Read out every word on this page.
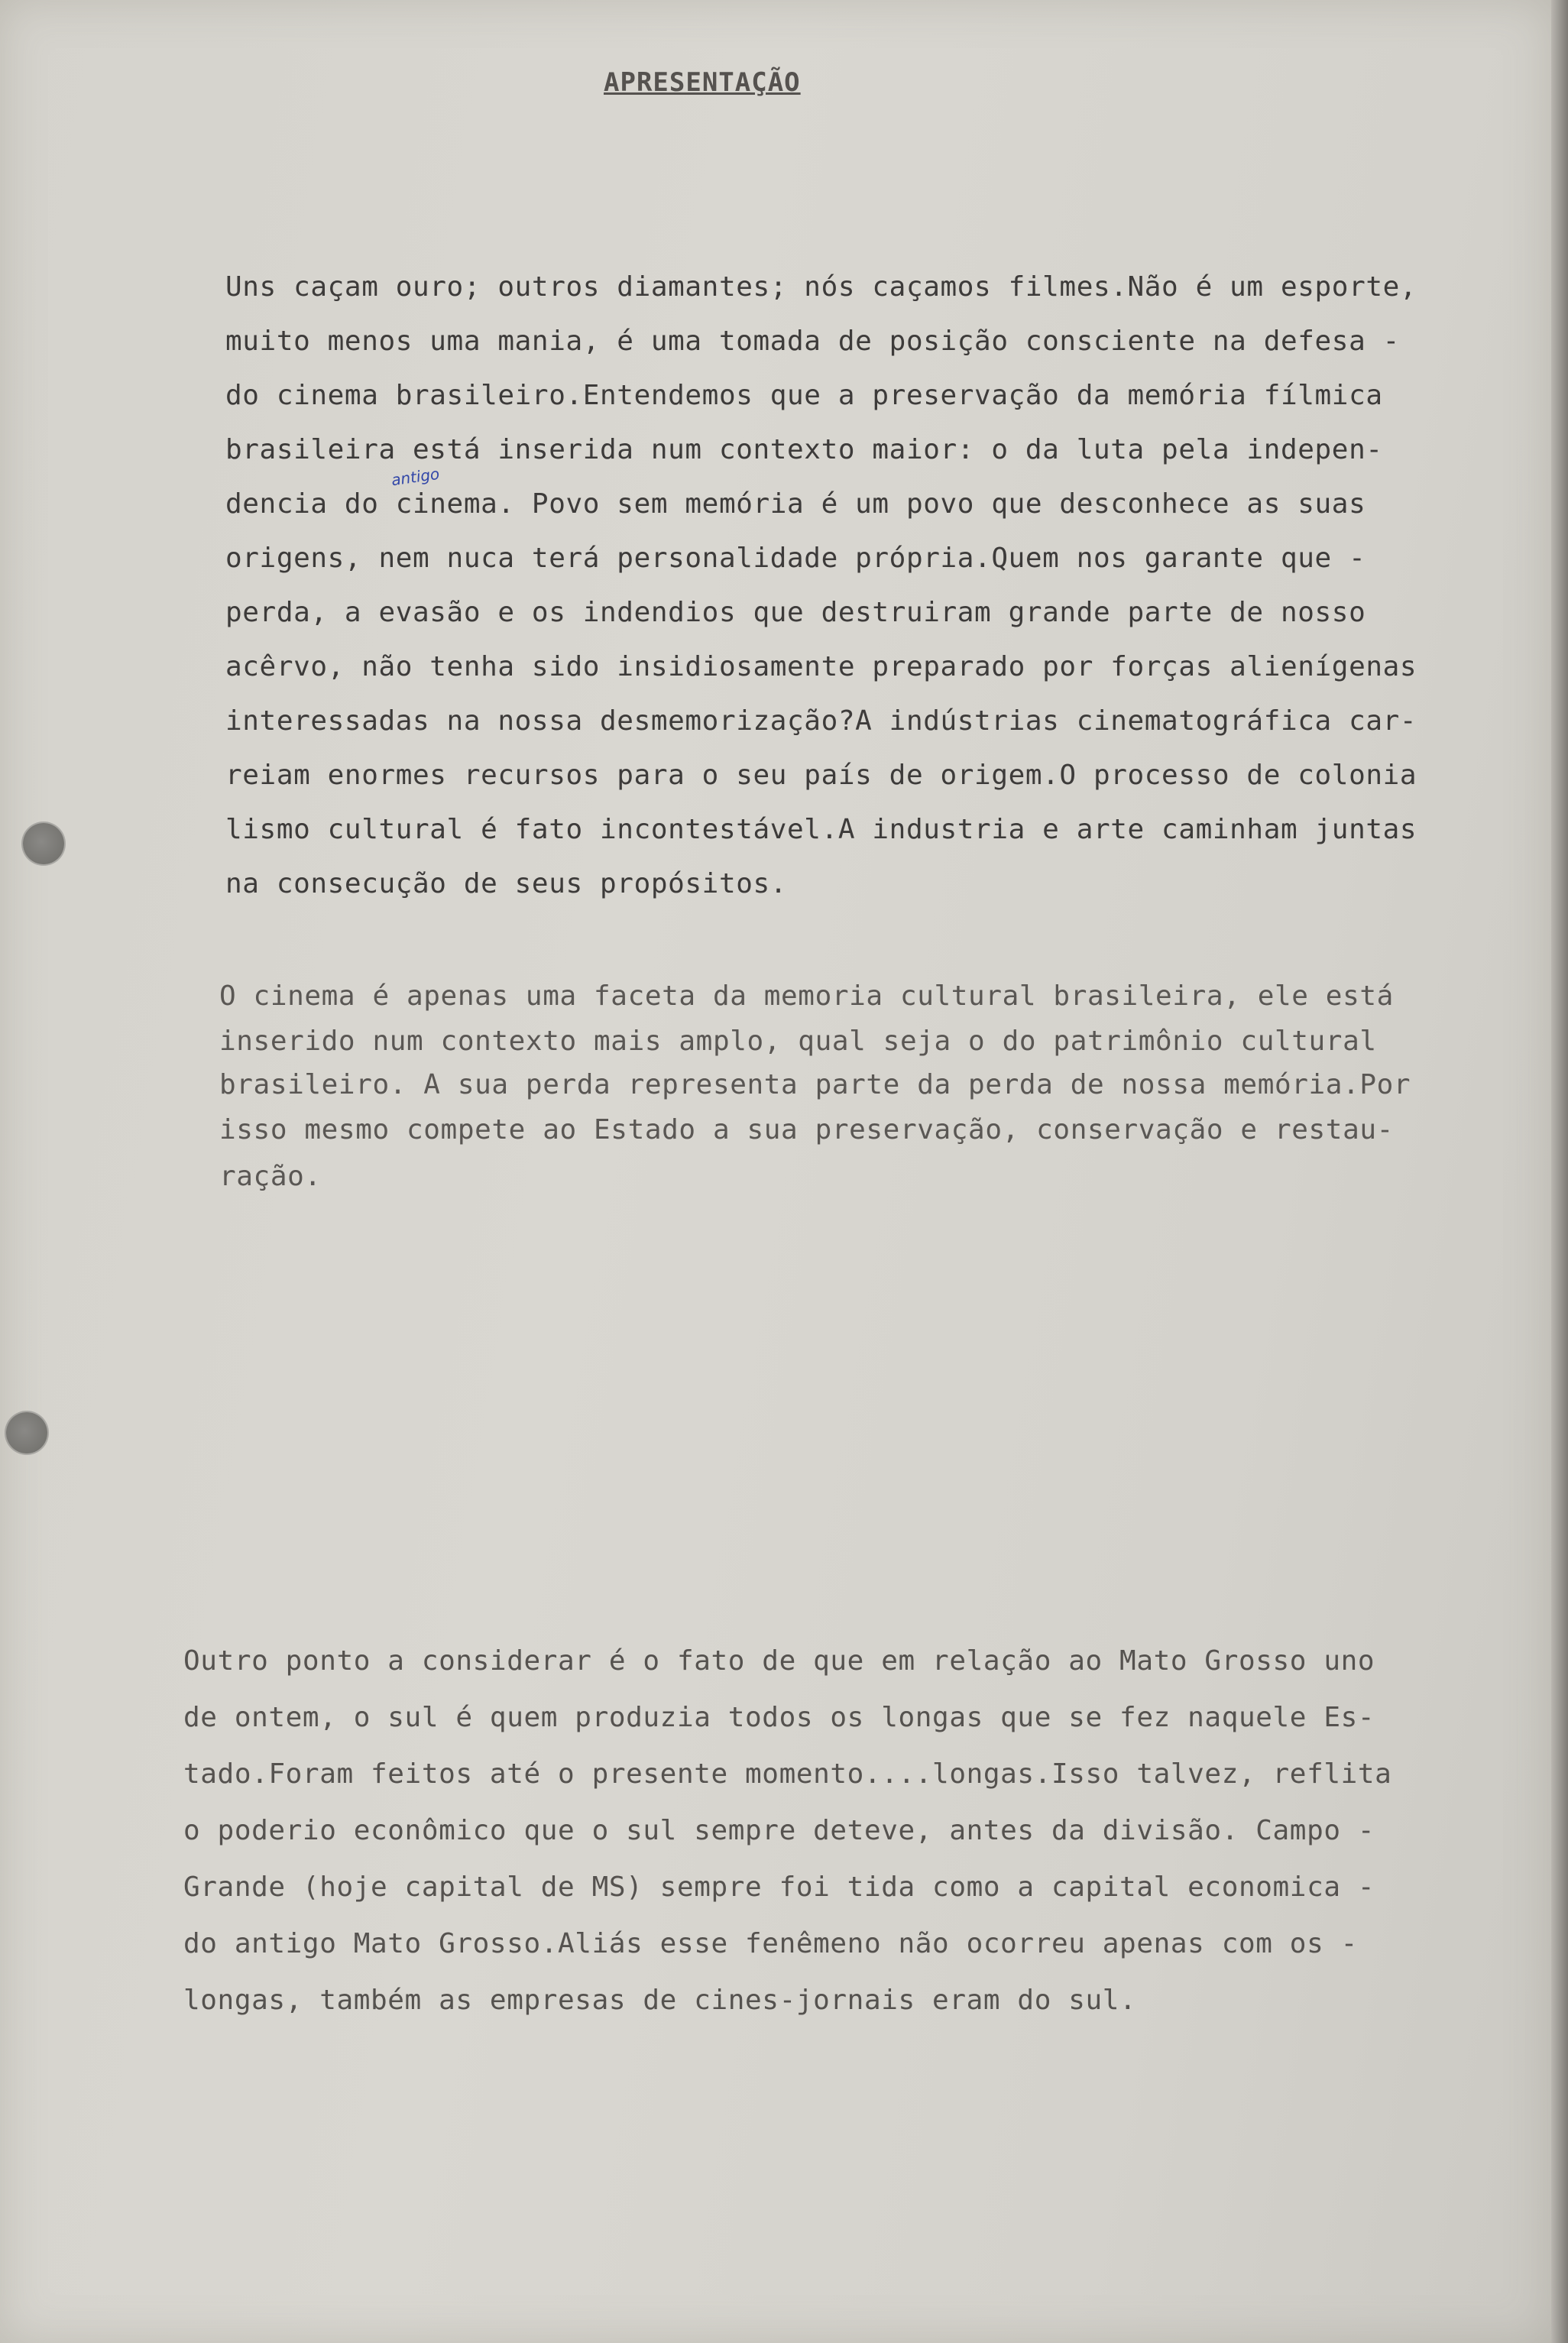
APRESENTAÇÃO
antigo
Uns caçam ouro; outros diamantes; nós caçamos filmes.Não é um esporte,
muito menos uma mania, é uma tomada de posição consciente na defesa -
do cinema brasileiro.Entendemos que a preservação da memória fílmica
brasileira está inserida num contexto maior: o da luta pela indepen-
dencia do cinema. Povo sem memória é um povo que desconhece as suas
origens, nem nuca terá personalidade própria.Quem nos garante que -
perda, a evasão e os indendios que destruiram grande parte de nosso
acêrvo, não tenha sido insidiosamente preparado por forças alienígenas
interessadas na nossa desmemorização?A indústrias cinematográfica car-
reiam enormes recursos para o seu país de origem.O processo de colonia
lismo cultural é fato incontestável.A industria e arte caminham juntas
na consecução de seus propósitos.
O cinema é apenas uma faceta da memoria cultural brasileira, ele está
inserido num contexto mais amplo, qual seja o do patrimônio cultural
brasileiro. A sua perda representa parte da perda de nossa memória.Por
isso mesmo compete ao Estado a sua preservação, conservação e restau-
ração.
Outro ponto a considerar é o fato de que em relação ao Mato Grosso uno
de ontem, o sul é quem produzia todos os longas que se fez naquele Es-
tado.Foram feitos até o presente momento....longas.Isso talvez, reflita
o poderio econômico que o sul sempre deteve, antes da divisão. Campo -
Grande (hoje capital de MS) sempre foi tida como a capital economica -
do antigo Mato Grosso.Aliás esse fenêmeno não ocorreu apenas com os -
longas, também as empresas de cines-jornais eram do sul.
